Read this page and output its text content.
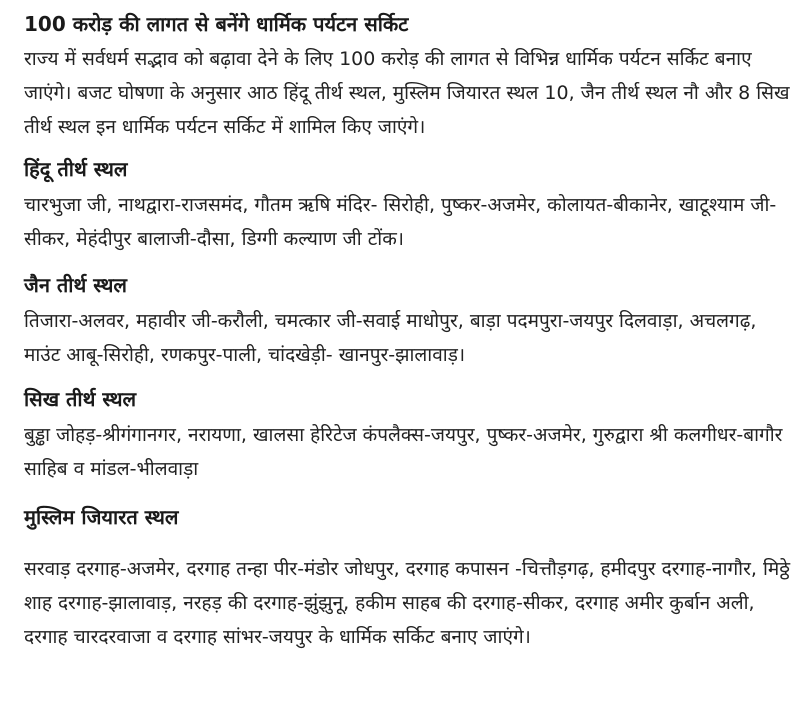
100 करोड़ की लागत से बनेंगे धार्मिक पर्यटन सर्किट

राज्य में सर्वधर्म सद्भाव को बढ़ावा देने के लिए 100 करोड़ की लागत से विभिन्न धार्मिक पर्यटन सर्किट बनाए जाएंगे। बजट घोषणा के अनुसार आठ हिंदू तीर्थ स्थल, मुस्लिम जियारत स्थल 10, जैन तीर्थ स्थल नौ और 8 सिख तीर्थ स्थल इन धार्मिक पर्यटन सर्किट में शामिल किए जाएंगे।

हिंदू तीर्थ स्थल

चारभुजा जी, नाथद्वारा-राजसमंद, गौतम ऋषि मंदिर- सिरोही, पुष्कर-अजमेर, कोलायत-बीकानेर, खाटूश्याम जी-सीकर, मेहंदीपुर बालाजी-दौसा, डिग्गी कल्याण जी टोंक।

जैन तीर्थ स्थल

तिजारा-अलवर, महावीर जी-करौली, चमत्कार जी-सवाई माधोपुर, बाड़ा पदमपुरा-जयपुर दिलवाड़ा, अचलगढ़, माउंट आबू-सिरोही, रणकपुर-पाली, चांदखेड़ी- खानपुर-झालावाड़।

सिख तीर्थ स्थल

बुड्ढा जोहड़-श्रीगंगानगर, नरायणा, खालसा हेरिटेज कंपलैक्स-जयपुर, पुष्कर-अजमेर, गुरुद्वारा श्री कलगीधर-बागौर साहिब व मांडल-भीलवाड़ा

मुस्लिम जियारत स्थल

सरवाड़ दरगाह-अजमेर, दरगाह तन्हा पीर-मंडोर जोधपुर, दरगाह कपासन -चित्तौड़गढ़, हमीदपुर दरगाह-नागौर, मिठ्ठे शाह दरगाह-झालावाड़, नरहड़ की दरगाह-झुंझुनू, हकीम साहब की दरगाह-सीकर, दरगाह अमीर कुर्बान अली, दरगाह चारदरवाजा व दरगाह सांभर-जयपुर के धार्मिक सर्किट बनाए जाएंगे।
